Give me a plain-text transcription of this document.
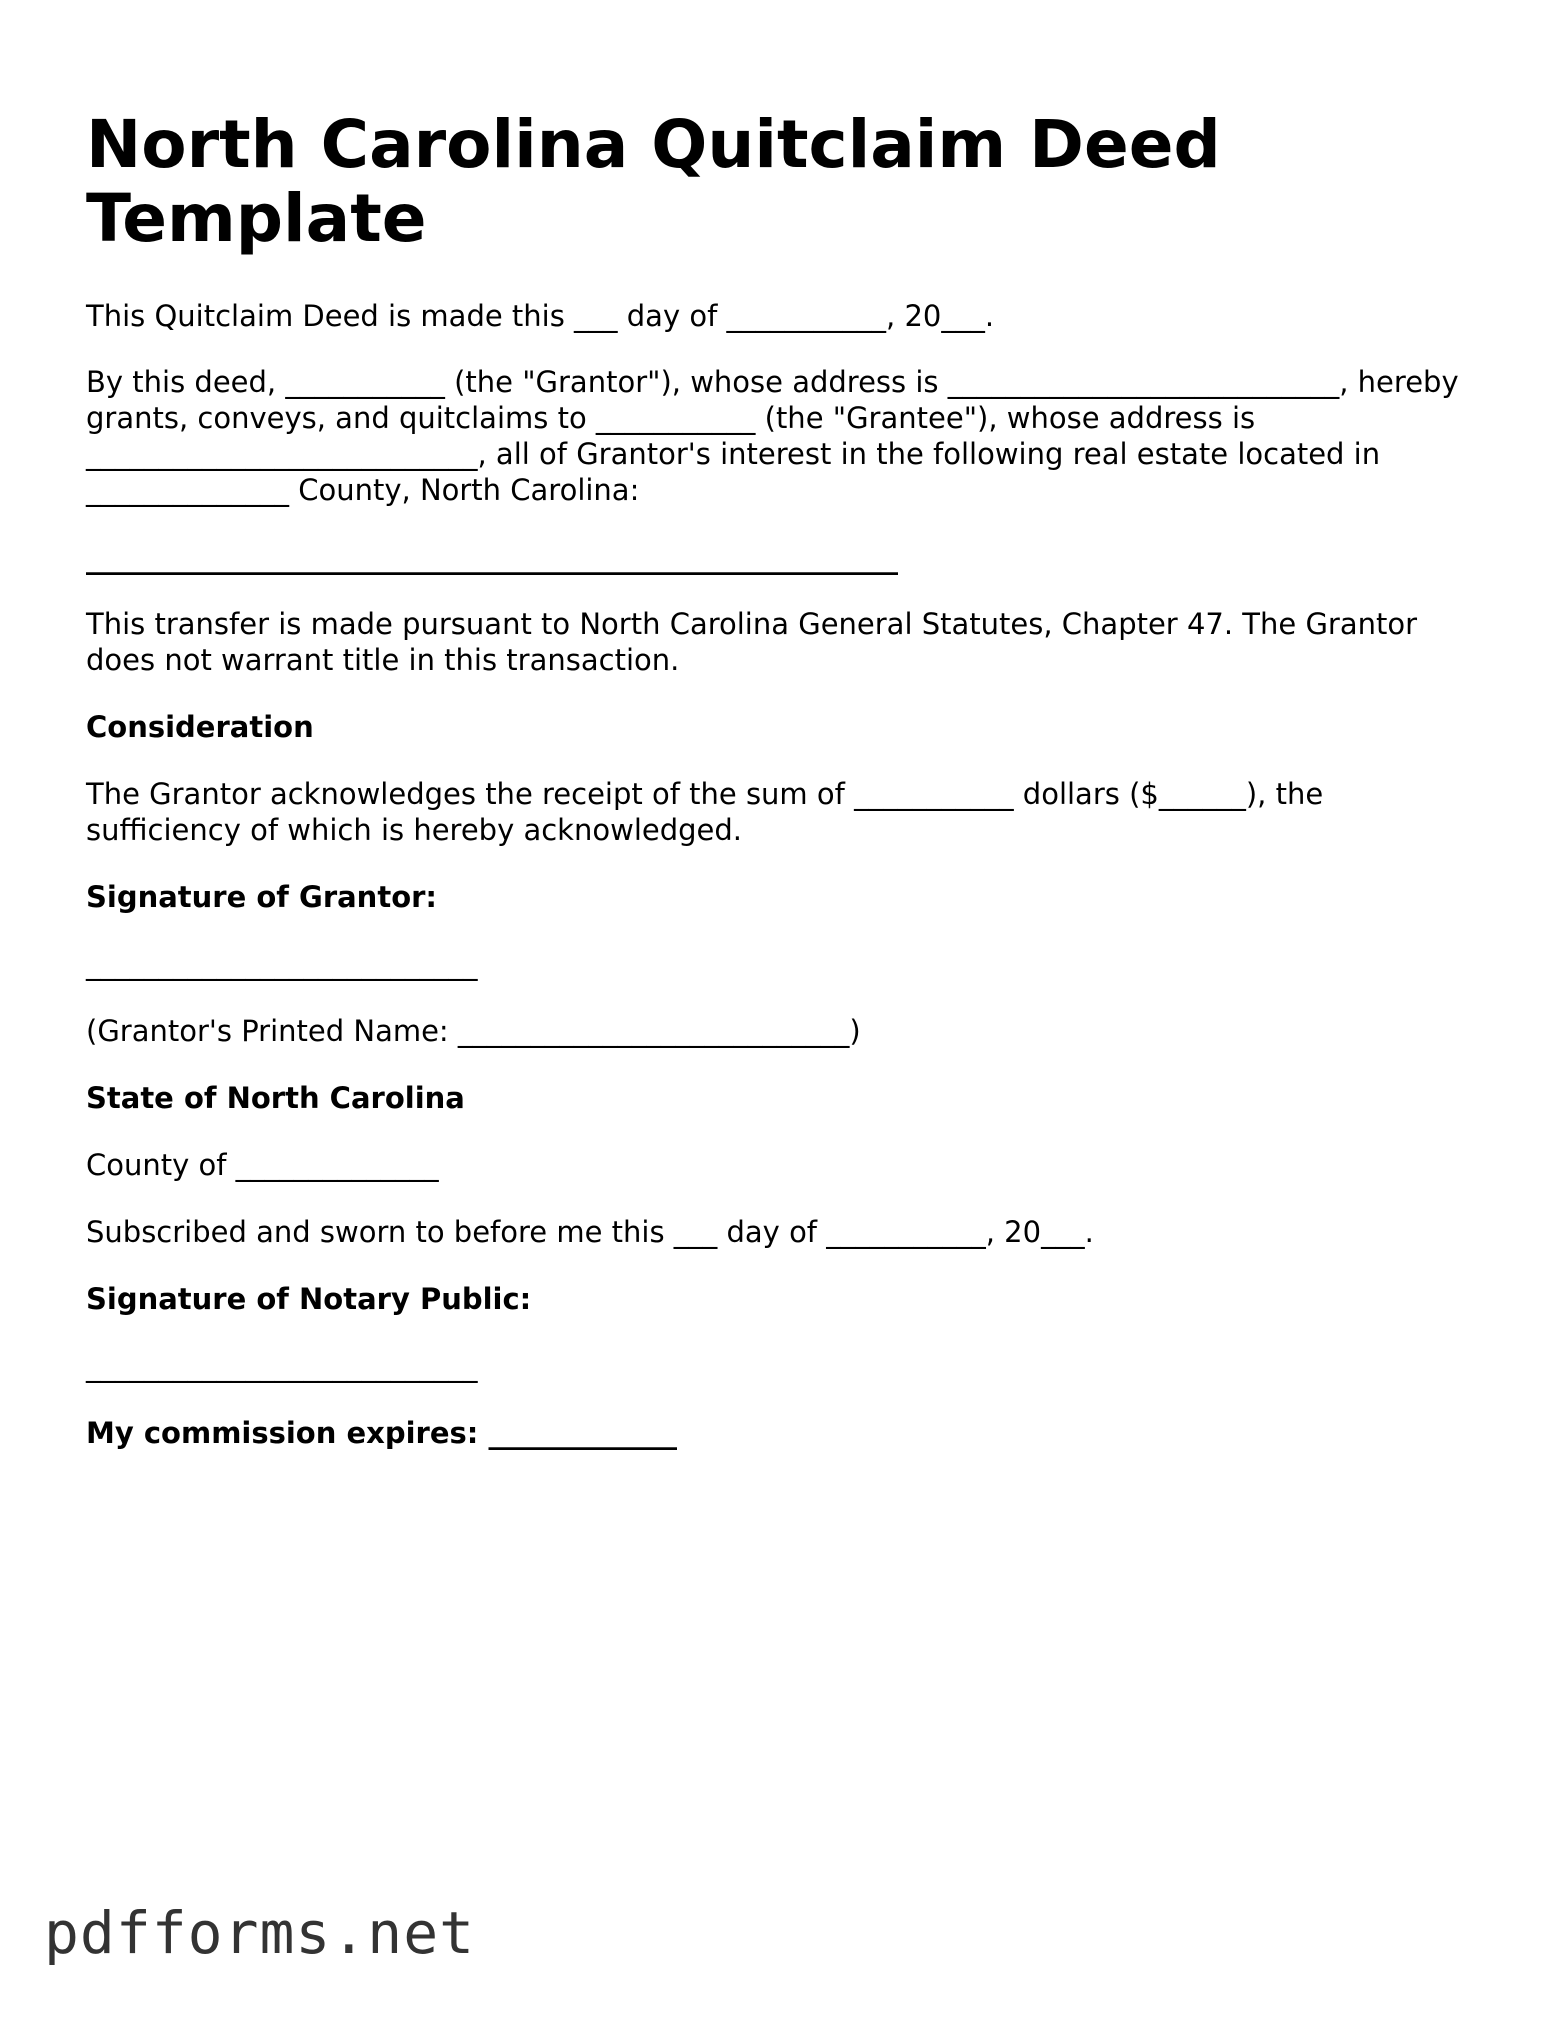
North Carolina Quitclaim Deed Template

This Quitclaim Deed is made this ___ day of ___________, 20___.

By this deed, ___________ (the "Grantor"), whose address is ___________________________, hereby grants, conveys, and quitclaims to ___________ (the "Grantee"), whose address is ___________________________, all of Grantor's interest in the following real estate located in ______________ County, North Carolina:

________________________________________________________

This transfer is made pursuant to North Carolina General Statutes, Chapter 47. The Grantor does not warrant title in this transaction.

Consideration

The Grantor acknowledges the receipt of the sum of ___________ dollars ($______), the sufficiency of which is hereby acknowledged.

Signature of Grantor:

___________________________

(Grantor's Printed Name: ___________________________)

State of North Carolina

County of ______________

Subscribed and sworn to before me this ___ day of ___________, 20___.

Signature of Notary Public:

___________________________

My commission expires: _____________

pdfforms.net
